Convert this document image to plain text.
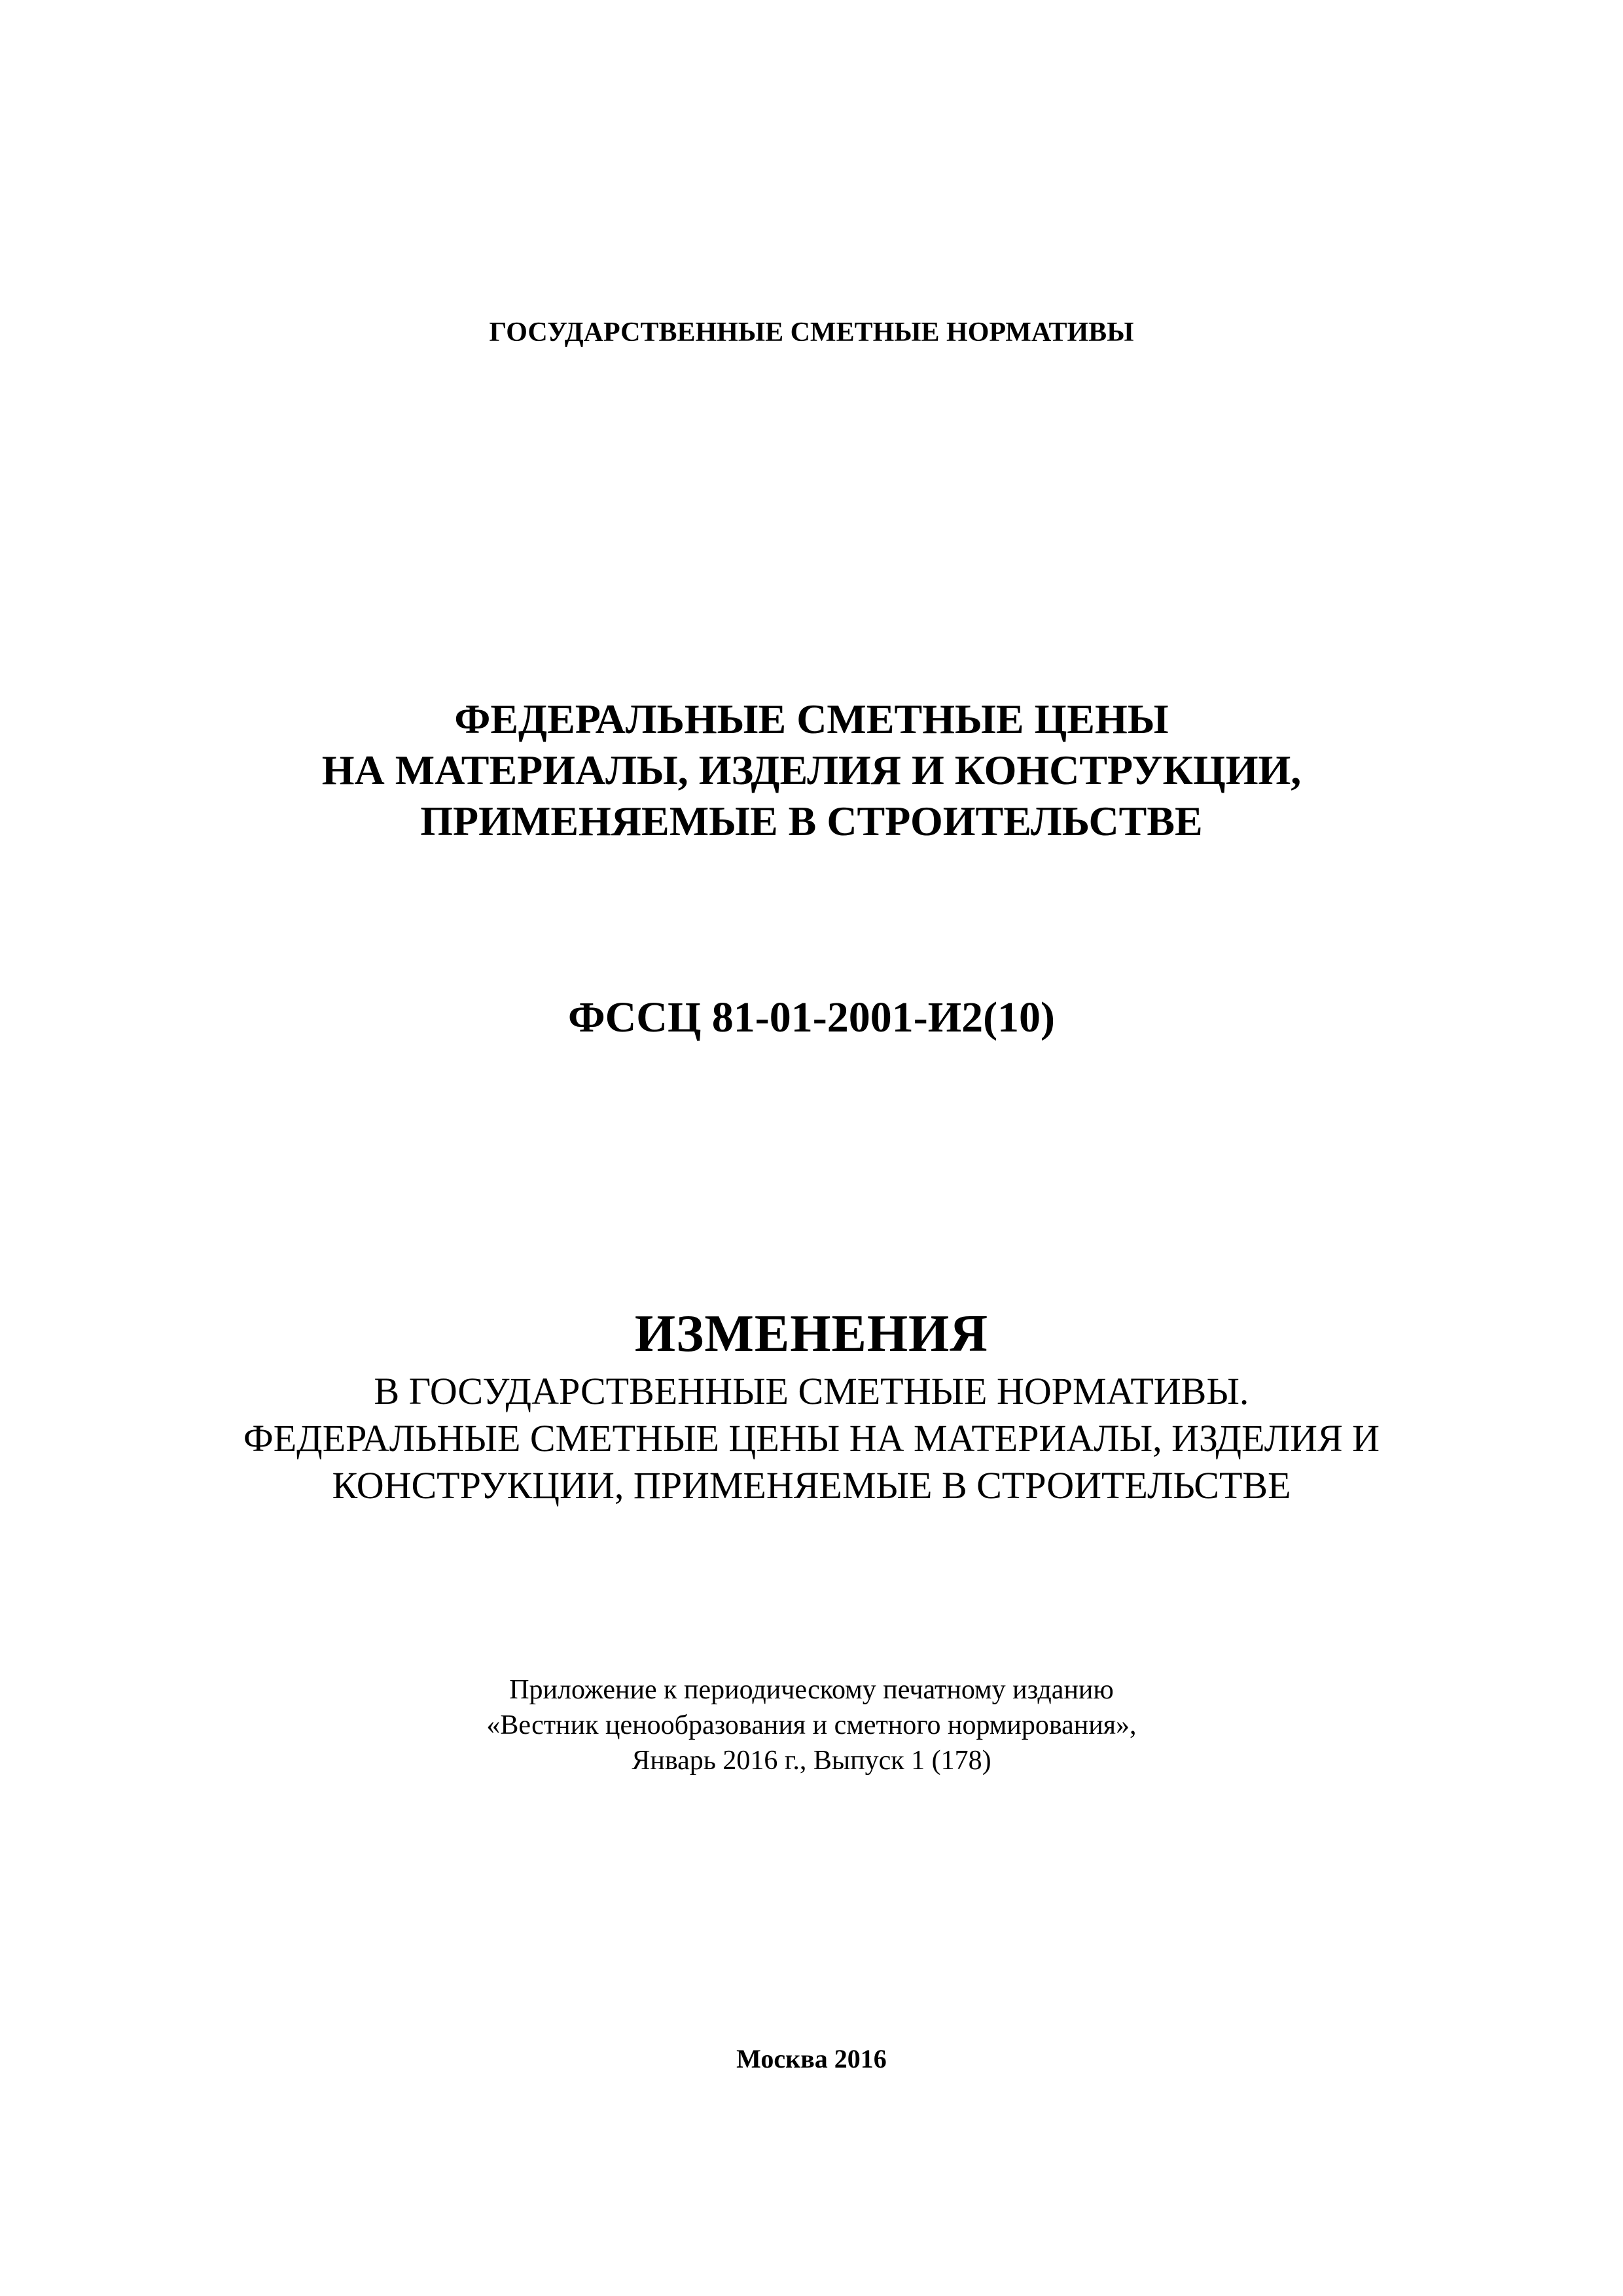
ГОСУДАРСТВЕННЫЕ СМЕТНЫЕ НОРМАТИВЫ
ФЕДЕРАЛЬНЫЕ СМЕТНЫЕ ЦЕНЫ
НА МАТЕРИАЛЫ, ИЗДЕЛИЯ И КОНСТРУКЦИИ,
ПРИМЕНЯЕМЫЕ В СТРОИТЕЛЬСТВЕ
ФССЦ 81-01-2001-И2(10)
ИЗМЕНЕНИЯ
В ГОСУДАРСТВЕННЫЕ СМЕТНЫЕ НОРМАТИВЫ.
ФЕДЕРАЛЬНЫЕ СМЕТНЫЕ ЦЕНЫ НА МАТЕРИАЛЫ, ИЗДЕЛИЯ И
КОНСТРУКЦИИ, ПРИМЕНЯЕМЫЕ В СТРОИТЕЛЬСТВЕ
Приложение к периодическому печатному изданию
«Вестник ценообразования и сметного нормирования»,
Январь 2016 г., Выпуск 1 (178)
Москва 2016
